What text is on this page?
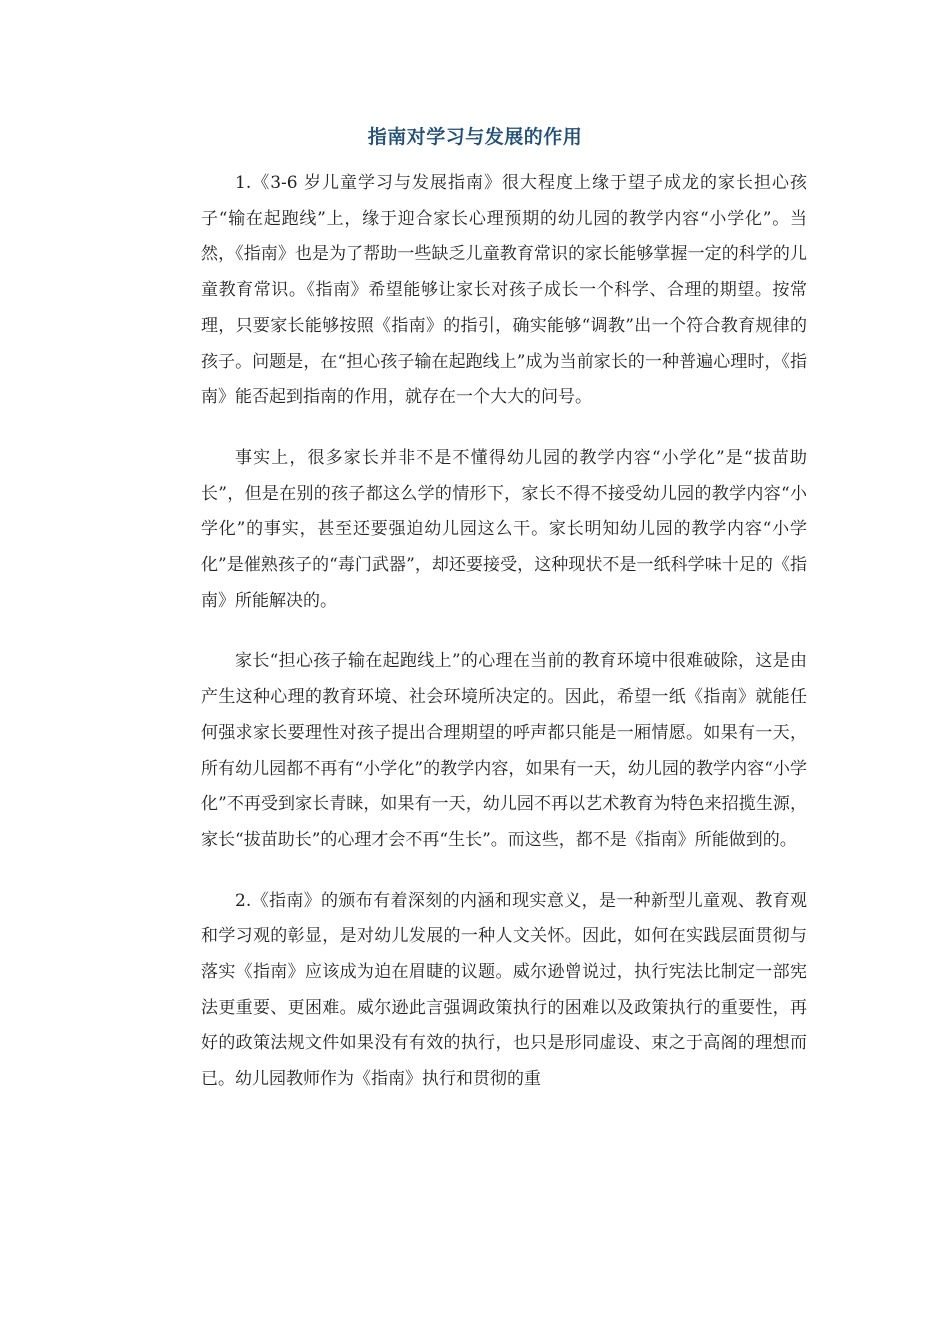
指南对学习与发展的作用

1.《3-6 岁儿童学习与发展指南》很大程度上缘于望子成龙的家长担心孩子“输在起跑线”上，缘于迎合家长心理预期的幼儿园的教学内容“小学化”。当然，《指南》也是为了帮助一些缺乏儿童教育常识的家长能够掌握一定的科学的儿童教育常识。《指南》希望能够让家长对孩子成长一个科学、合理的期望。按常理，只要家长能够按照《指南》的指引，确实能够“调教”出一个符合教育规律的孩子。问题是，在“担心孩子输在起跑线上”成为当前家长的一种普遍心理时，《指南》能否起到指南的作用，就存在一个大大的问号。

事实上，很多家长并非不是不懂得幼儿园的教学内容“小学化”是“拔苗助长”，但是在别的孩子都这么学的情形下，家长不得不接受幼儿园的教学内容“小学化”的事实，甚至还要强迫幼儿园这么干。家长明知幼儿园的教学内容“小学化”是催熟孩子的“毒门武器”，却还要接受，这种现状不是一纸科学味十足的《指南》所能解决的。

家长“担心孩子输在起跑线上”的心理在当前的教育环境中很难破除，这是由产生这种心理的教育环境、社会环境所决定的。因此，希望一纸《指南》就能任何强求家长要理性对孩子提出合理期望的呼声都只能是一厢情愿。如果有一天，所有幼儿园都不再有“小学化”的教学内容，如果有一天，幼儿园的教学内容“小学化”不再受到家长青睐，如果有一天，幼儿园不再以艺术教育为特色来招揽生源，家长“拔苗助长”的心理才会不再“生长”。而这些，都不是《指南》所能做到的。

2.《指南》的颁布有着深刻的内涵和现实意义，是一种新型儿童观、教育观和学习观的彰显，是对幼儿发展的一种人文关怀。因此，如何在实践层面贯彻与落实《指南》应该成为迫在眉睫的议题。威尔逊曾说过，执行宪法比制定一部宪法更重要、更困难。威尔逊此言强调政策执行的困难以及政策执行的重要性，再好的政策法规文件如果没有有效的执行，也只是形同虚设、束之于高阁的理想而已。幼儿园教师作为《指南》执行和贯彻的重
